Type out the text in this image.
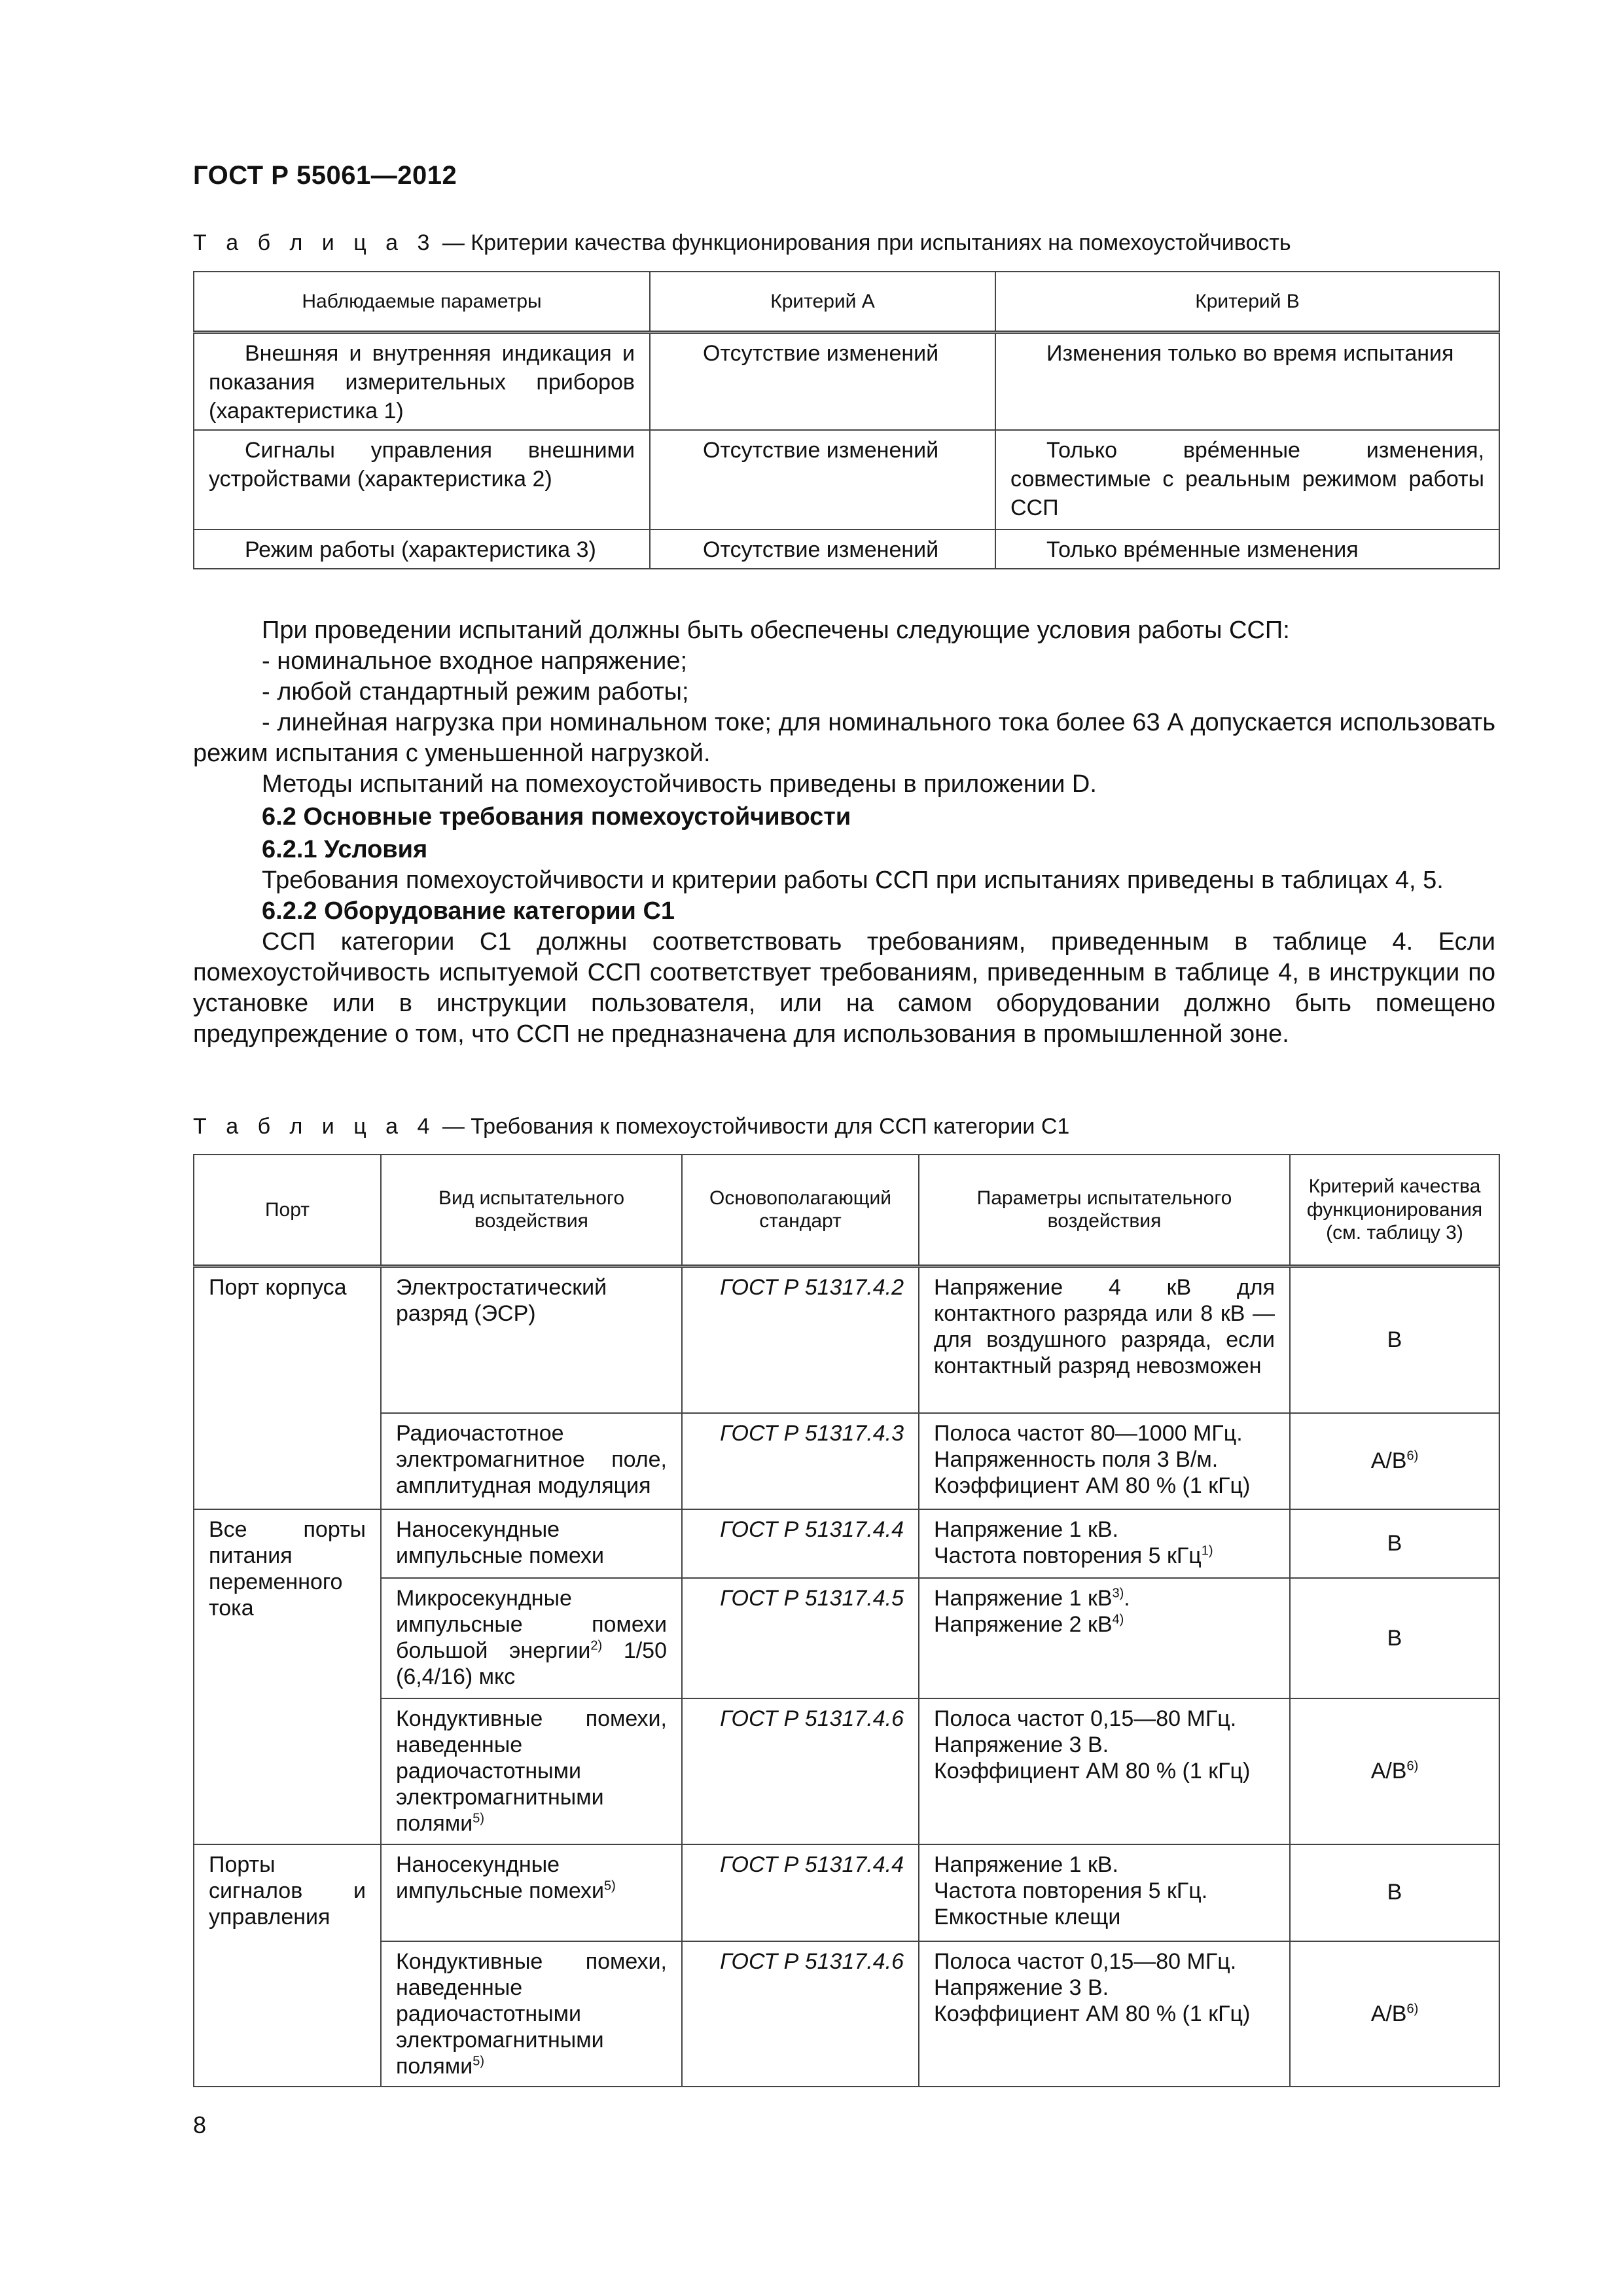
ГОСТ Р 55061—2012
Т а б л и ц а 3 — Критерии качества функционирования при испытаниях на помехоустойчивость
Наблюдаемые параметры	Критерий А	Критерий В
Внешняя и внутренняя индикация и показания измерительных приборов (характеристика 1)	Отсутствие изменений	Изменения только во время испытания
Сигналы управления внешними устройствами (характеристика 2)	Отсутствие изменений	Только вре́менные изменения, совместимые с реальным режимом работы ССП
Режим работы (характеристика 3)	Отсутствие изменений	Только вре́менные изменения

При проведении испытаний должны быть обеспечены следующие условия работы ССП:

- номинальное входное напряжение;

- любой стандартный режим работы;

- линейная нагрузка при номинальном токе; для номинального тока более 63 А допускается использовать режим испытания с уменьшенной нагрузкой.

Методы испытаний на помехоустойчивость приведены в приложении D.

6.2 Основные требования помехоустойчивости

6.2.1 Условия

Требования помехоустойчивости и критерии работы ССП при испытаниях приведены в таблицах 4, 5.

6.2.2 Оборудование категории С1

ССП категории С1 должны соответствовать требованиям, приведенным в таблице 4. Если помехоустойчивость испытуемой ССП соответствует требованиям, приведенным в таблице 4, в инструкции по установке или в инструкции пользователя, или на самом оборудовании должно быть помещено предупреждение о том, что ССП не предназначена для использования в промышленной зоне.

Т а б л и ц а 4 — Требования к помехоустойчивости для ССП категории С1
Порт	Вид испытательного воздействия	Основополагающий стандарт	Параметры испытательного воздействия	Критерий качества функционирования (см. таблицу 3)
Порт корпуса	Электростатический разряд (ЭСР)	ГОСТ Р 51317.4.2	Напряжение 4 кВ для контактного разряда или 8 кВ — для воздушного разряда, если контактный разряд невозможен	В
	Радиочастотное электромагнитное поле, амплитудная модуляция	ГОСТ Р 51317.4.3	Полоса частот 80—1000 МГц.
Напряженность поля 3 В/м.
Коэффициент АМ 80 % (1 кГц)	$А/В^{6)}$
Все порты питания переменного тока	Наносекундные импульсные помехи	ГОСТ Р 51317.4.4	Напряжение 1 кВ.
Частота повторения 5 кГц$^{1)}$	В
	Микросекундные импульсные помехи большой энергии$^{2)}$ 1/50 (6,4/16) мкс	ГОСТ Р 51317.4.5	Напряжение 1 $кВ^{3)}$.
Напряжение 2 $кВ^{4)}$	В
	Кондуктивные помехи, наведенные радиочастотными электромагнитными полями$^{5)}$	ГОСТ Р 51317.4.6	Полоса частот 0,15—80 МГц.
Напряжение 3 В.
Коэффициент АМ 80 % (1 кГц)	$А/В^{6)}$
Порты сигналов и управления	Наносекундные импульсные помехи$^{5)}$	ГОСТ Р 51317.4.4	Напряжение 1 кВ.
Частота повторения 5 кГц.
Емкостные клещи	В
	Кондуктивные помехи, наведенные радиочастотными электромагнитными полями$^{5)}$	ГОСТ Р 51317.4.6	Полоса частот 0,15—80 МГц.
Напряжение 3 В.
Коэффициент АМ 80 % (1 кГц)	$А/В^{6)}$
8
